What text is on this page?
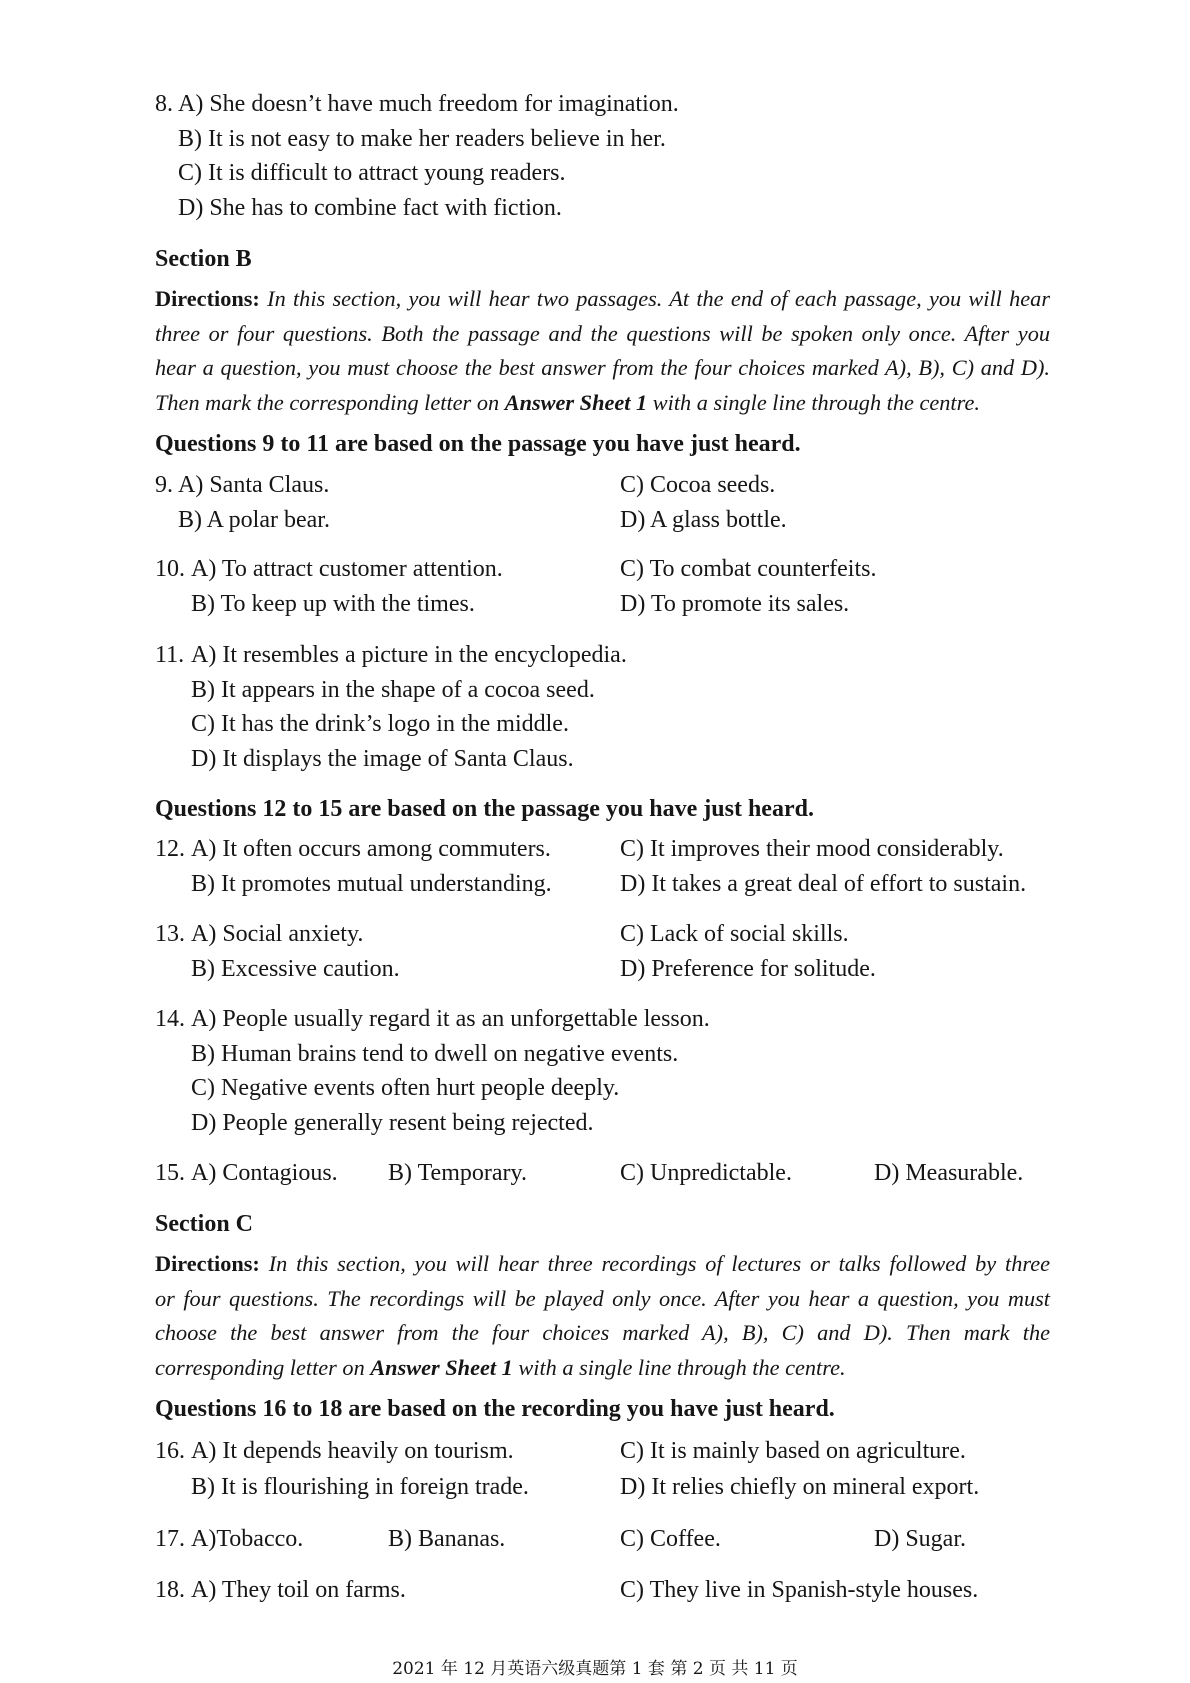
8. A) She doesn’t have much freedom for imagination.
B) It is not easy to make her readers believe in her.
C) It is difficult to attract young readers.
D) She has to combine fact with fiction.
Section B
Directions: In this section, you will hear two passages. At the end of each passage, you will hear
three or four questions. Both the passage and the questions will be spoken only once. After you
hear a question, you must choose the best answer from the four choices marked A), B), C) and D).
Then mark the corresponding letter on Answer Sheet 1 with a single line through the centre.
Questions 9 to 11 are based on the passage you have just heard.
9. A) Santa Claus.	C) Cocoa seeds.
B) A polar bear.	D) A glass bottle.
10. A) To attract customer attention.	C) To combat counterfeits.
B) To keep up with the times.	D) To promote its sales.
11. A) It resembles a picture in the encyclopedia.
B) It appears in the shape of a cocoa seed.
C) It has the drink’s logo in the middle.
D) It displays the image of Santa Claus.
Questions 12 to 15 are based on the passage you have just heard.
12. A) It often occurs among commuters.	C) It improves their mood considerably.
B) It promotes mutual understanding.	D) It takes a great deal of effort to sustain.
13. A) Social anxiety.	C) Lack of social skills.
B) Excessive caution.	D) Preference for solitude.
14. A) People usually regard it as an unforgettable lesson.
B) Human brains tend to dwell on negative events.
C) Negative events often hurt people deeply.
D) People generally resent being rejected.
15. A) Contagious. B) Temporary.	C) Unpredictable.	D) Measurable.
Section C
Directions: In this section, you will hear three recordings of lectures or talks followed by three
or four questions. The recordings will be played only once. After you hear a question, you must
choose the best answer from the four choices marked A), B), C) and D). Then mark the
corresponding letter on Answer Sheet 1 with a single line through the centre.
Questions 16 to 18 are based on the recording you have just heard.
16. A) It depends heavily on tourism.	C) It is mainly based on agriculture.
B) It is flourishing in foreign trade.	D) It relies chiefly on mineral export.
17. A)Tobacco.	B) Bananas.	C) Coffee.	D) Sugar.
18. A) They toil on farms.	C) They live in Spanish-style houses.
2021 年 12 月英语六级真题第 1 套 第 2 页 共 11 页
